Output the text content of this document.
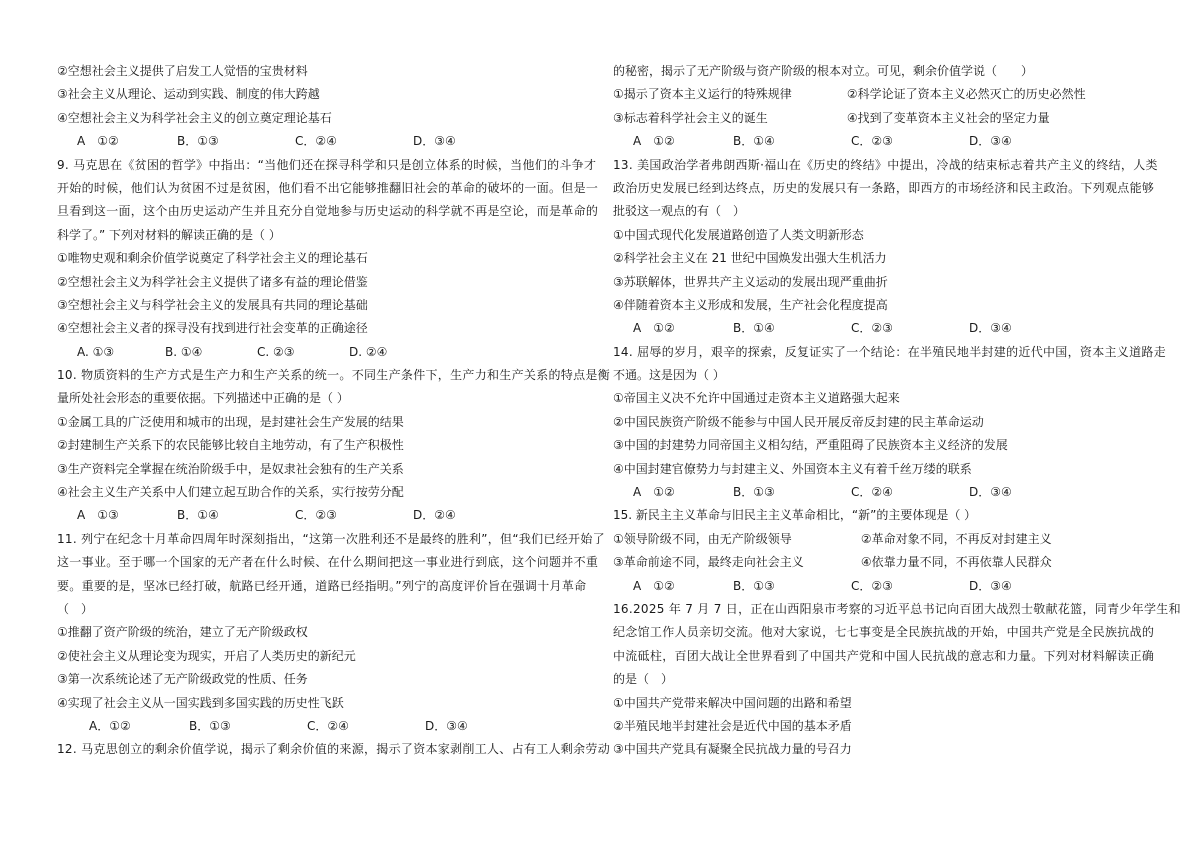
②空想社会主义提供了启发工人觉悟的宝贵材料
③社会主义从理论、运动到实践、制度的伟大跨越
④空想社会主义为科学社会主义的创立奠定理论基石
A　①②	B．①③	C．②④	D．③④
9. 马克思在《贫困的哲学》中指出：“当他们还在探寻科学和只是创立体系的时候，当他们的斗争才
开始的时候，他们认为贫困不过是贫困，他们看不出它能够推翻旧社会的革命的破坏的一面。但是一
旦看到这一面，这个由历史运动产生并且充分自觉地参与历史运动的科学就不再是空论，而是革命的
科学了。” 下列对材料的解读正确的是（ ）
①唯物史观和剩余价值学说奠定了科学社会主义的理论基石
②空想社会主义为科学社会主义提供了诸多有益的理论借鉴
③空想社会主义与科学社会主义的发展具有共同的理论基础
④空想社会主义者的探寻没有找到进行社会变革的正确途径
A. ①③	B. ①④	C. ②③	D. ②④
10. 物质资料的生产方式是生产力和生产关系的统一。不同生产条件下，生产力和生产关系的特点是衡
量所处社会形态的重要依据。下列描述中正确的是（ ）
①金属工具的广泛使用和城市的出现，是封建社会生产发展的结果
②封建制生产关系下的农民能够比较自主地劳动，有了生产积极性
③生产资料完全掌握在统治阶级手中，是奴隶社会独有的生产关系
④社会主义生产关系中人们建立起互助合作的关系，实行按劳分配
A　①③	B．①④	C．②③	D．②④
11. 列宁在纪念十月革命四周年时深刻指出，“这第一次胜利还不是最终的胜利”，但“我们已经开始了
这一事业。至于哪一个国家的无产者在什么时候、在什么期间把这一事业进行到底，这个问题并不重
要。重要的是，坚冰已经打破，航路已经开通，道路已经指明。”列宁的高度评价旨在强调十月革命
（　）
①推翻了资产阶级的统治，建立了无产阶级政权
②使社会主义从理论变为现实，开启了人类历史的新纪元
③第一次系统论述了无产阶级政党的性质、任务
④实现了社会主义从一国实践到多国实践的历史性飞跃
A．①②	B．①③	C．②④	D．③④
12. 马克思创立的剩余价值学说，揭示了剩余价值的来源，揭示了资本家剥削工人、占有工人剩余劳动
的秘密，揭示了无产阶级与资产阶级的根本对立。可见，剩余价值学说（　　）
①揭示了资本主义运行的特殊规律	②科学论证了资本主义必然灭亡的历史必然性
③标志着科学社会主义的诞生	④找到了变革资本主义社会的坚定力量
A　①②	B．①④	C．②③	D．③④
13. 美国政治学者弗朗西斯·福山在《历史的终结》中提出，冷战的结束标志着共产主义的终结，人类
政治历史发展已经到达终点，历史的发展只有一条路，即西方的市场经济和民主政治。下列观点能够
批驳这一观点的有（　）
①中国式现代化发展道路创造了人类文明新形态
②科学社会主义在 21 世纪中国焕发出强大生机活力
③苏联解体，世界共产主义运动的发展出现严重曲折
④伴随着资本主义形成和发展，生产社会化程度提高
A　①②	B．①④	C．②③	D．③④
14. 屈辱的岁月，艰辛的探索，反复证实了一个结论：在半殖民地半封建的近代中国，资本主义道路走
不通。这是因为（ ）
①帝国主义决不允许中国通过走资本主义道路强大起来
②中国民族资产阶级不能参与中国人民开展反帝反封建的民主革命运动
③中国的封建势力同帝国主义相勾结，严重阻碍了民族资本主义经济的发展
④中国封建官僚势力与封建主义、外国资本主义有着千丝万缕的联系
A　①②	B．①③	C．②④	D．③④
15. 新民主主义革命与旧民主主义革命相比，“新”的主要体现是（ ）
①领导阶级不同，由无产阶级领导	②革命对象不同，不再反对封建主义
③革命前途不同，最终走向社会主义	④依靠力量不同，不再依靠人民群众
A　①②	B．①③	C．②③	D．③④
16.2025 年 7 月 7 日，正在山西阳泉市考察的习近平总书记向百团大战烈士敬献花篮，同青少年学生和
纪念馆工作人员亲切交流。他对大家说，七七事变是全民族抗战的开始，中国共产党是全民族抗战的
中流砥柱，百团大战让全世界看到了中国共产党和中国人民抗战的意志和力量。下列对材料解读正确
的是（　）
①中国共产党带来解决中国问题的出路和希望
②半殖民地半封建社会是近代中国的基本矛盾
③中国共产党具有凝聚全民抗战力量的号召力
